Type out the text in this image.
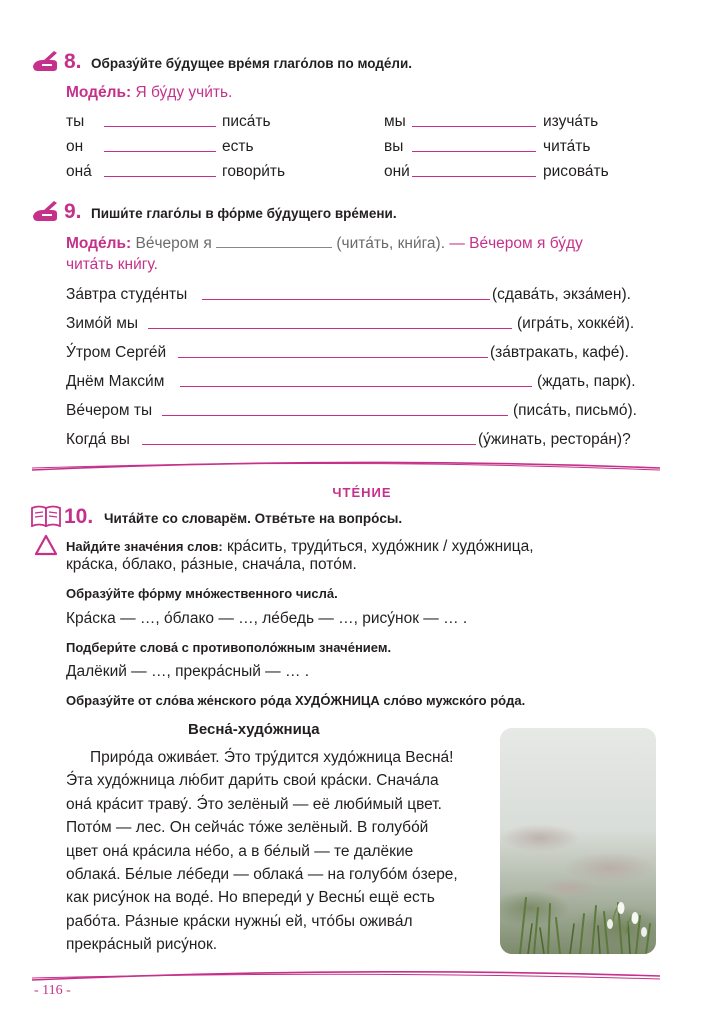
8. Образу́йте бу́дущее вре́мя глаго́лов по моде́ли.
Моде́ль: Я бу́ду учи́ть.
ты	писа́ть	мы	изуча́ть
он	есть	вы	чита́ть
она́	говори́ть	они́	рисова́ть
9. Пиши́те глаго́лы в фо́рме бу́дущего вре́мени.
Моде́ль: Ве́чером я	(чита́ть, кни́га). — Ве́чером я бу́ду
чита́ть кни́гу.
За́втра студе́нты	(сдава́ть, экза́мен).
Зимо́й мы	(игра́ть, хокке́й).
У́тром Серге́й	(за́втракать, кафе́).
Днём Макси́м	(ждать, парк).
Ве́чером ты	(писа́ть, письмо́).
Когда́ вы	(у́жинать, рестора́н)?
ЧТЕ́НИЕ
10. Чита́йте со словарём. Отве́тьте на вопро́сы.
Найди́те значе́ния слов: кра́сить, труди́ться, худо́жник / худо́жница,
кра́ска, о́блако, ра́зные, снача́ла, пото́м.
Образу́йте фо́рму мно́жественного числа́.
Кра́ска — …, о́блако — …, ле́бедь — …, рису́нок — … .
Подбери́те слова́ с противополо́жным значе́нием.
Далёкий — …, прекра́сный — … .
Образу́йте от сло́ва же́нского ро́да ХУДО́ЖНИЦА сло́во мужско́го ро́да.
Весна́-худо́жница
Приро́да ожива́ет. Э́то тру́дится худо́жница Весна́!
Э́та худо́жница лю́бит дари́ть свои́ кра́ски. Снача́ла
она́ кра́сит траву́. Э́то зелёный — её люби́мый цвет.
Пото́м — лес. Он сейча́с то́же зелёный. В голубо́й
цвет она́ кра́сила не́бо, а в бе́лый — те далёкие
облака́. Бе́лые ле́беди — облака́ — на голубо́м о́зере,
как рису́нок на воде́. Но впереди́ у Весны́ ещё есть
рабо́та. Ра́зные кра́ски нужны́ ей, что́бы ожива́л
прекра́сный рису́нок.
- 116 -
